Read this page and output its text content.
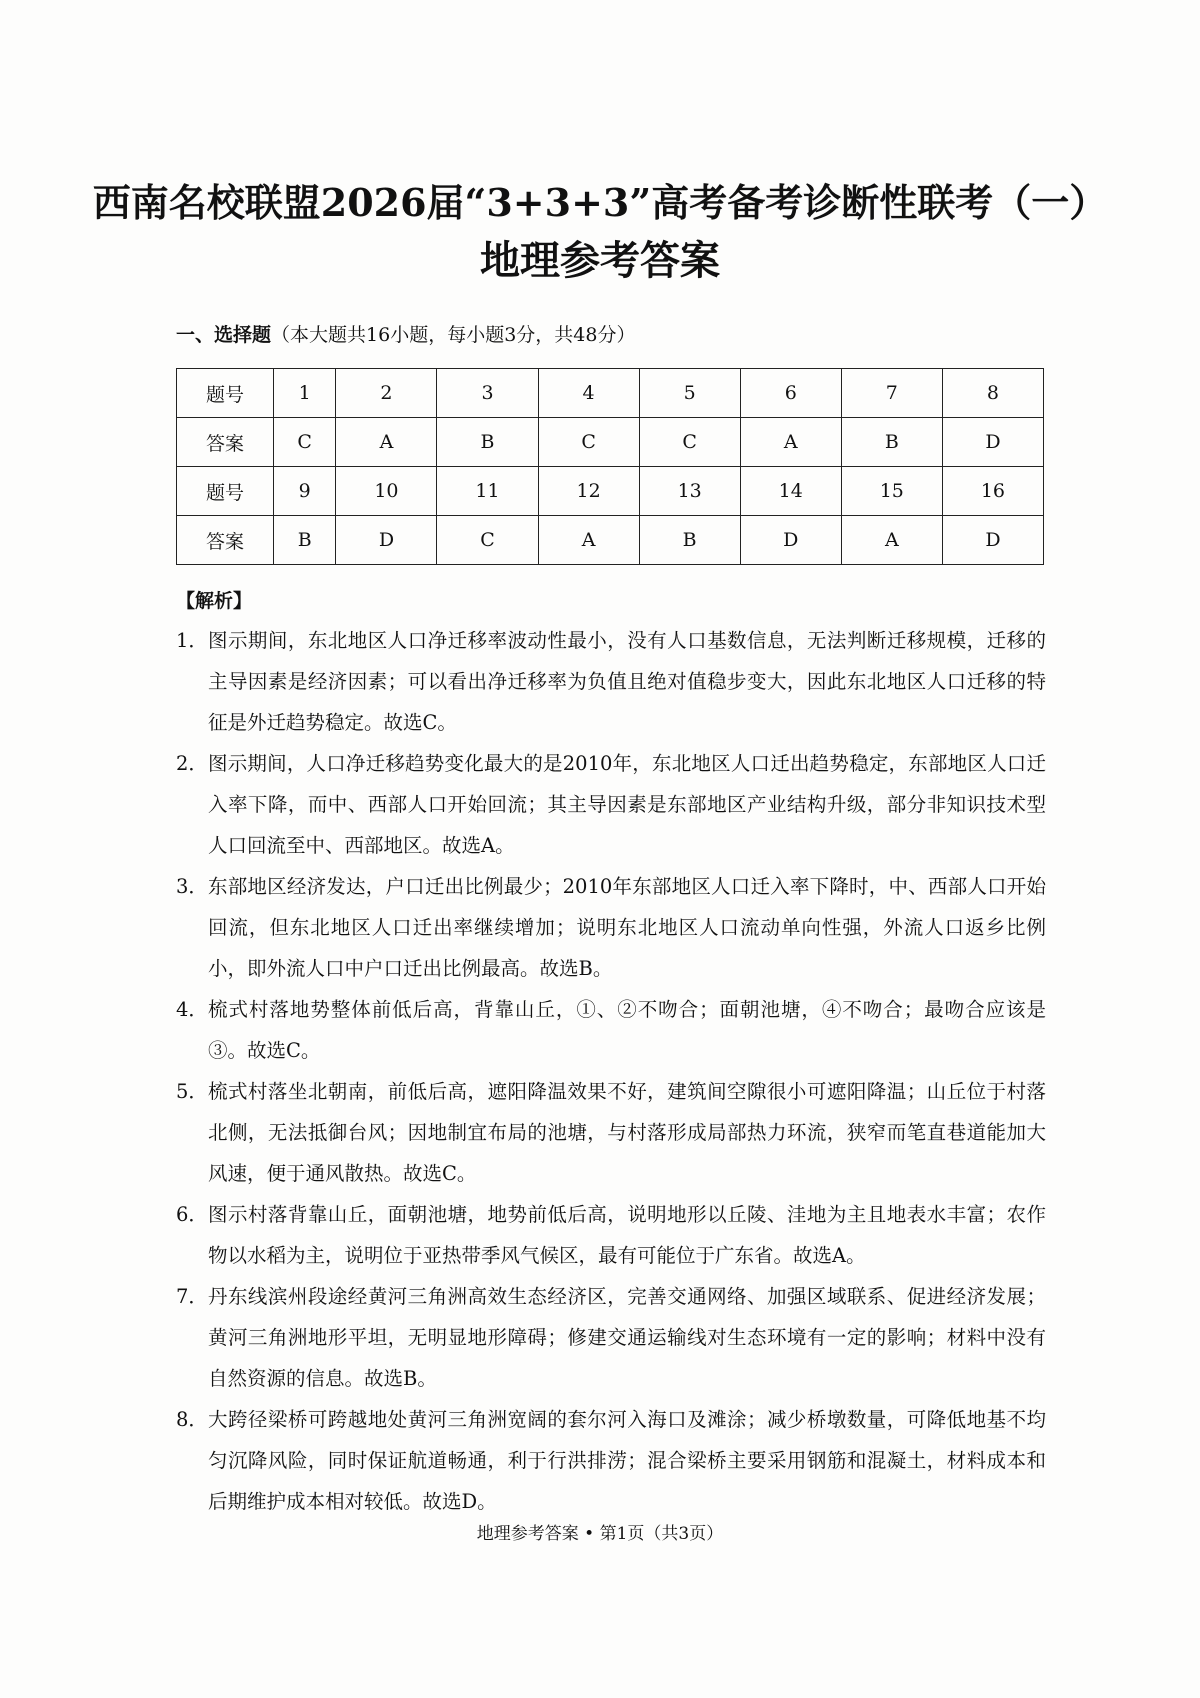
西南名校联盟2026届“3+3+3”高考备考诊断性联考（一）
地理参考答案
一、选择题（本大题共16小题，每小题3分，共48分）
题号	1	2	3	4	5	6	7	8
答案	C	A	B	C	C	A	B	D
题号	9	10	11	12	13	14	15	16
答案	B	D	C	A	B	D	A	D
【解析】
1． 图示期间，东北地区人口净迁移率波动性最小，没有人口基数信息，无法判断迁移规模，迁移的主导因素是经济因素；可以看出净迁移率为负值且绝对值稳步变大，因此东北地区人口迁移的特征是外迁趋势稳定。故选C。
2． 图示期间，人口净迁移趋势变化最大的是2010年，东北地区人口迁出趋势稳定，东部地区人口迁入率下降，而中、西部人口开始回流；其主导因素是东部地区产业结构升级，部分非知识技术型人口回流至中、西部地区。故选A。
3． 东部地区经济发达，户口迁出比例最少；2010年东部地区人口迁入率下降时，中、西部人口开始回流，但东北地区人口迁出率继续增加；说明东北地区人口流动单向性强，外流人口返乡比例小，即外流人口中户口迁出比例最高。故选B。
4． 梳式村落地势整体前低后高，背靠山丘，①、②不吻合；面朝池塘，④不吻合；最吻合应该是③。故选C。
5． 梳式村落坐北朝南，前低后高，遮阳降温效果不好，建筑间空隙很小可遮阳降温；山丘位于村落北侧，无法抵御台风；因地制宜布局的池塘，与村落形成局部热力环流，狭窄而笔直巷道能加大风速，便于通风散热。故选C。
6． 图示村落背靠山丘，面朝池塘，地势前低后高，说明地形以丘陵、洼地为主且地表水丰富；农作物以水稻为主，说明位于亚热带季风气候区，最有可能位于广东省。故选A。
7． 丹东线滨州段途经黄河三角洲高效生态经济区，完善交通网络、加强区域联系、促进经济发展；黄河三角洲地形平坦，无明显地形障碍；修建交通运输线对生态环境有一定的影响；材料中没有自然资源的信息。故选B。
8． 大跨径梁桥可跨越地处黄河三角洲宽阔的套尔河入海口及滩涂；减少桥墩数量，可降低地基不均匀沉降风险，同时保证航道畅通，利于行洪排涝；混合梁桥主要采用钢筋和混凝土，材料成本和后期维护成本相对较低。故选D。
地理参考答案 • 第1页（共3页）
